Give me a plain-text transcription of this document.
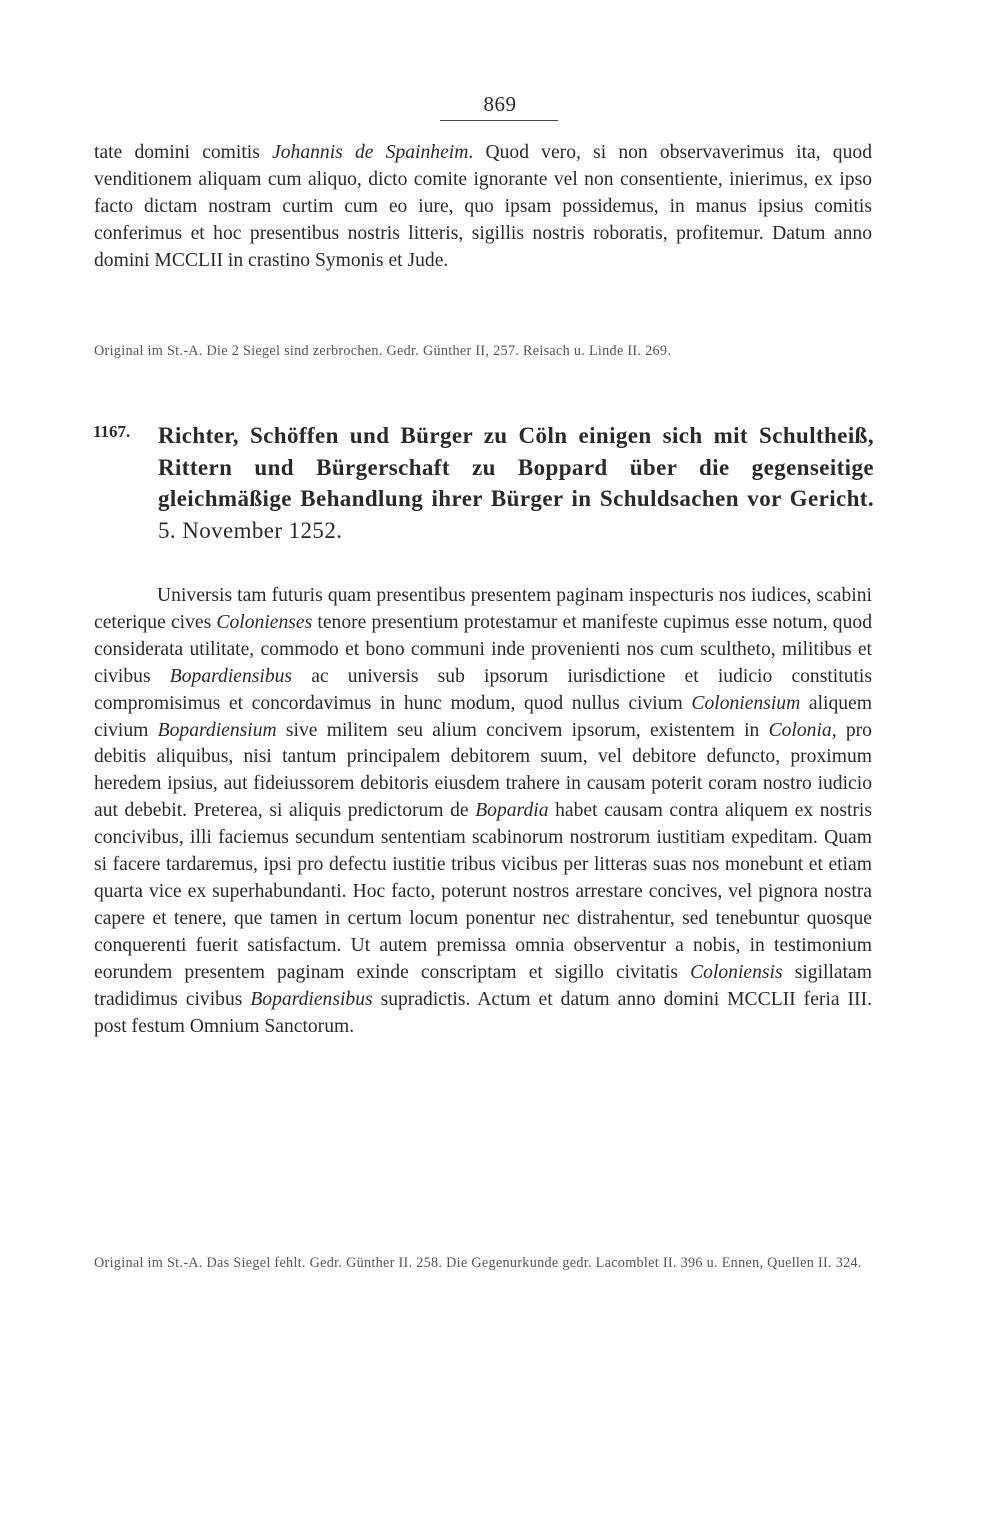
869

tate domini comitis Johannis de Spainheim. Quod vero, si non observaverimus ita, quod venditionem aliquam cum aliquo, dicto comite ignorante vel non consentiente, inierimus, ex ipso facto dictam nostram curtim cum eo iure, quo ipsam possidemus, in manus ipsius comitis conferimus et hoc presentibus nostris litteris, sigillis nostris roboratis, profitemur. Datum anno domini MCCLII in crastino Symonis et Jude.

Original im St.-A. Die 2 Siegel sind zerbrochen. Gedr. Günther II, 257. Reisach u. Linde II. 269.

1167. Richter, Schöffen und Bürger zu Cöln einigen sich mit Schultheiß, Rittern und Bürgerschaft zu Boppard über die gegenseitige gleichmäßige Behandlung ihrer Bürger in Schuldsachen vor Gericht. 5. November 1252.

Universis tam futuris quam presentibus presentem paginam inspecturis nos iudices, scabini ceterique cives Colonienses tenore presentium protestamur et manifeste cupimus esse notum, quod considerata utilitate, commodo et bono communi inde provenienti nos cum scultheto, militibus et civibus Bopardiensibus ac universis sub ipsorum iurisdictione et iudicio constitutis compromisimus et concordavimus in hunc modum, quod nullus civium Coloniensium aliquem civium Bopardiensium sive militem seu alium concivem ipsorum, existentem in Colonia, pro debitis aliquibus, nisi tantum principalem debitorem suum, vel debitore defuncto, proximum heredem ipsius, aut fideiussorem debitoris eiusdem trahere in causam poterit coram nostro iudicio aut debebit. Preterea, si aliquis predictorum de Bopardia habet causam contra aliquem ex nostris concivibus, illi faciemus secundum sententiam scabinorum nostrorum iustitiam expeditam. Quam si facere tardaremus, ipsi pro defectu iustitie tribus vicibus per litteras suas nos monebunt et etiam quarta vice ex superhabundanti. Hoc facto, poterunt nostros arrestare concives, vel pignora nostra capere et tenere, que tamen in certum locum ponentur nec distrahentur, sed tenebuntur quosque conquerenti fuerit satisfactum. Ut autem premissa omnia observentur a nobis, in testimonium eorundem presentem paginam exinde conscriptam et sigillo civitatis Coloniensis sigillatam tradidimus civibus Bopardiensibus supradictis. Actum et datum anno domini MCCLII feria III. post festum Omnium Sanctorum.

Original im St.-A. Das Siegel fehlt. Gedr. Günther II. 258. Die Gegenurkunde gedr. Lacomblet II. 396 u. Ennen, Quellen II. 324.
